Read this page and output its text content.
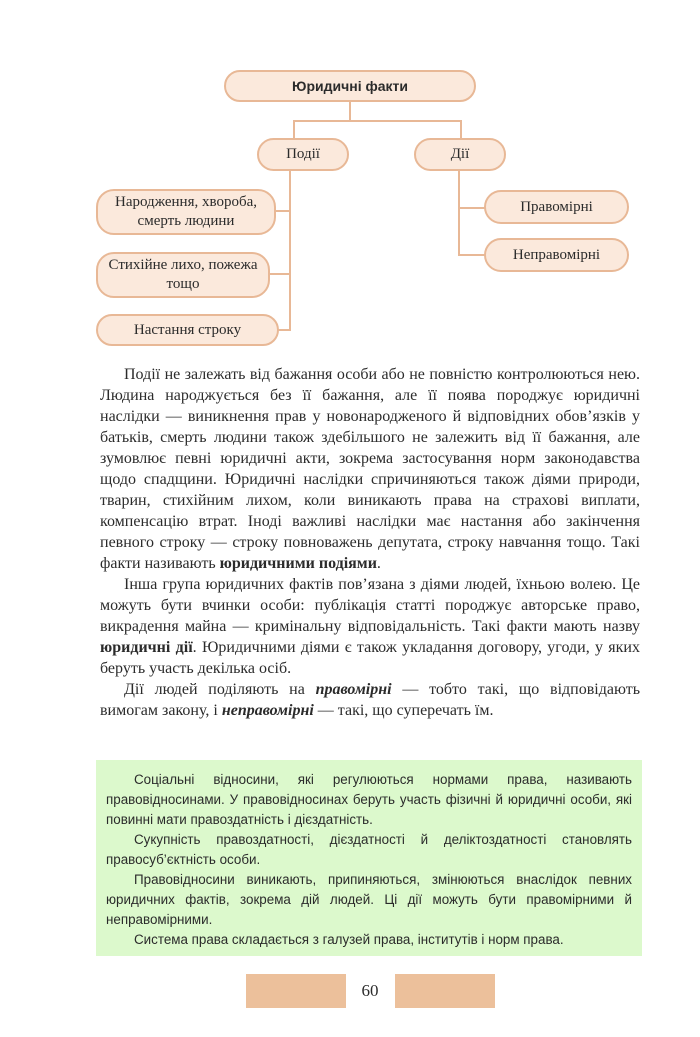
Юридичні факти
Події	Дії
Народження, хвороба, смерть людини
Стихійне лихо, пожежа тощо
Настання строку
Правомірні
Неправомірні

Події не залежать від бажання особи або не повністю контролюються нею. Людина народжується без її бажання, але її поява породжує юридичні наслідки — виникнення прав у новонародженого й відповідних обов’язків у батьків, смерть людини також здебільшого не залежить від її бажання, але зумовлює певні юридичні акти, зокрема застосування норм законодавства щодо спадщини. Юридичні наслідки спричиняються також діями природи, тварин, стихійним лихом, коли виникають права на страхові виплати, компенсацію втрат. Іноді важливі наслідки має настання або закінчення певного строку — строку повноважень депутата, строку навчання тощо. Такі факти називають юридичними подіями.

Інша група юридичних фактів пов’язана з діями людей, їхньою волею. Це можуть бути вчинки особи: публікація статті породжує авторське право, викрадення майна — кримінальну відповідальність. Такі факти мають назву юридичні дії. Юридичними діями є також укладання договору, угоди, у яких беруть участь декілька осіб.

Дії людей поділяють на правомірні — тобто такі, що відповідають вимогам закону, і неправомірні — такі, що суперечать їм.

Соціальні відносини, які регулюються нормами права, називають правовідносинами. У правовідносинах беруть участь фізичні й юридичні особи, які повинні мати правоздатність і дієздатність.

Сукупність правоздатності, дієздатності й деліктоздатності становлять правосуб’єктність особи.

Правовідносини виникають, припиняються, змінюються внаслідок певних юридичних фактів, зокрема дій людей. Ці дії можуть бути правомірними й неправомірними.

Система права складається з галузей права, інститутів і норм права.

60
